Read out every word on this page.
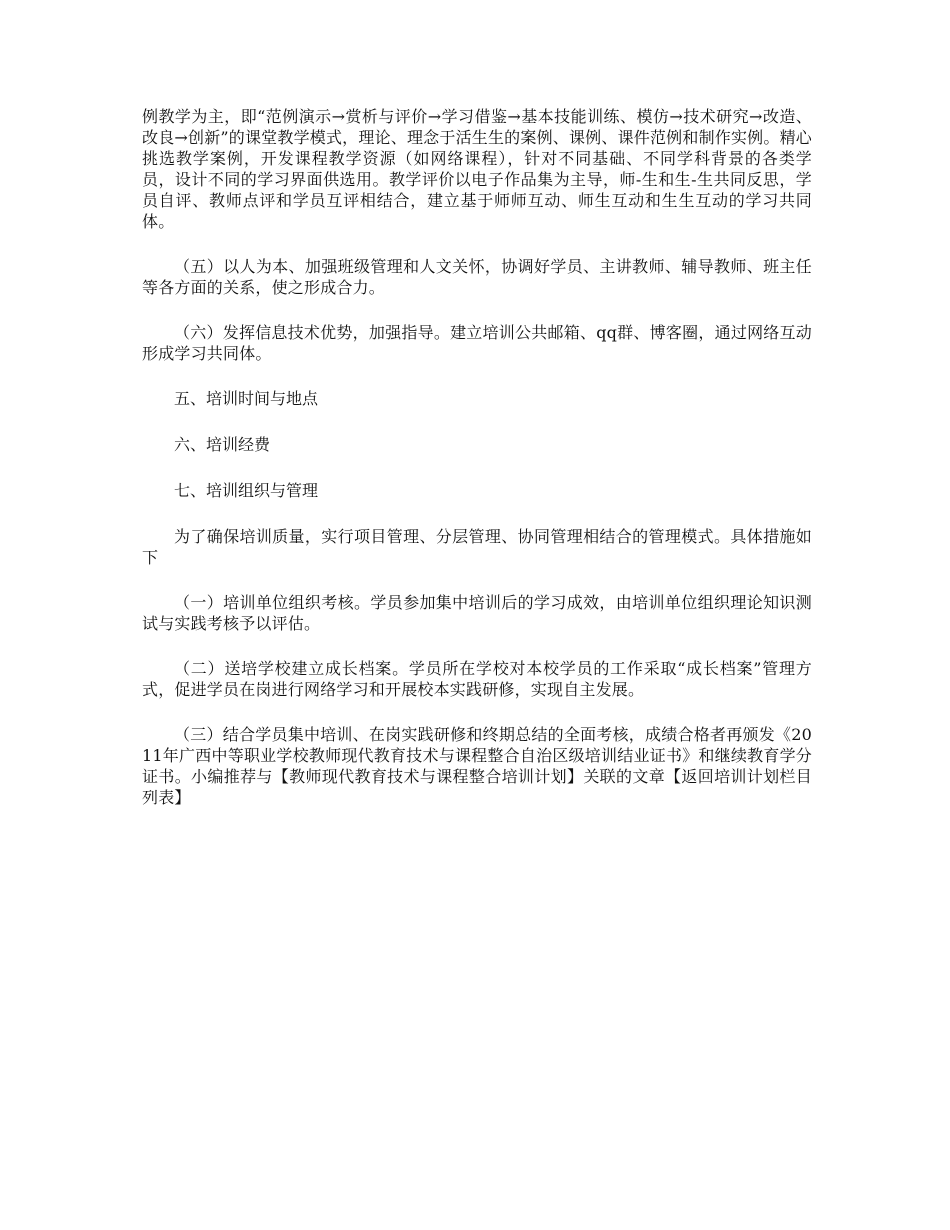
例教学为主，即“范例演示→赏析与评价→学习借鉴→基本技能训练、模仿→技术研究→改造、改良→创新”的课堂教学模式，理论、理念于活生生的案例、课例、课件范例和制作实例。精心挑选教学案例，开发课程教学资源（如网络课程），针对不同基础、不同学科背景的各类学员，设计不同的学习界面供选用。教学评价以电子作品集为主导，师-生和生-生共同反思，学员自评、教师点评和学员互评相结合，建立基于师师互动、师生互动和生生互动的学习共同体。

（五）以人为本、加强班级管理和人文关怀，协调好学员、主讲教师、辅导教师、班主任等各方面的关系，使之形成合力。

（六）发挥信息技术优势，加强指导。建立培训公共邮箱、qq群、博客圈，通过网络互动形成学习共同体。

五、培训时间与地点

六、培训经费

七、培训组织与管理

为了确保培训质量，实行项目管理、分层管理、协同管理相结合的管理模式。具体措施如下

（一）培训单位组织考核。学员参加集中培训后的学习成效，由培训单位组织理论知识测试与实践考核予以评估。

（二）送培学校建立成长档案。学员所在学校对本校学员的工作采取“成长档案”管理方式，促进学员在岗进行网络学习和开展校本实践研修，实现自主发展。

（三）结合学员集中培训、在岗实践研修和终期总结的全面考核，成绩合格者再颁发《2011年广西中等职业学校教师现代教育技术与课程整合自治区级培训结业证书》和继续教育学分证书。小编推荐与【教师现代教育技术与课程整合培训计划】关联的文章【返回培训计划栏目列表】
